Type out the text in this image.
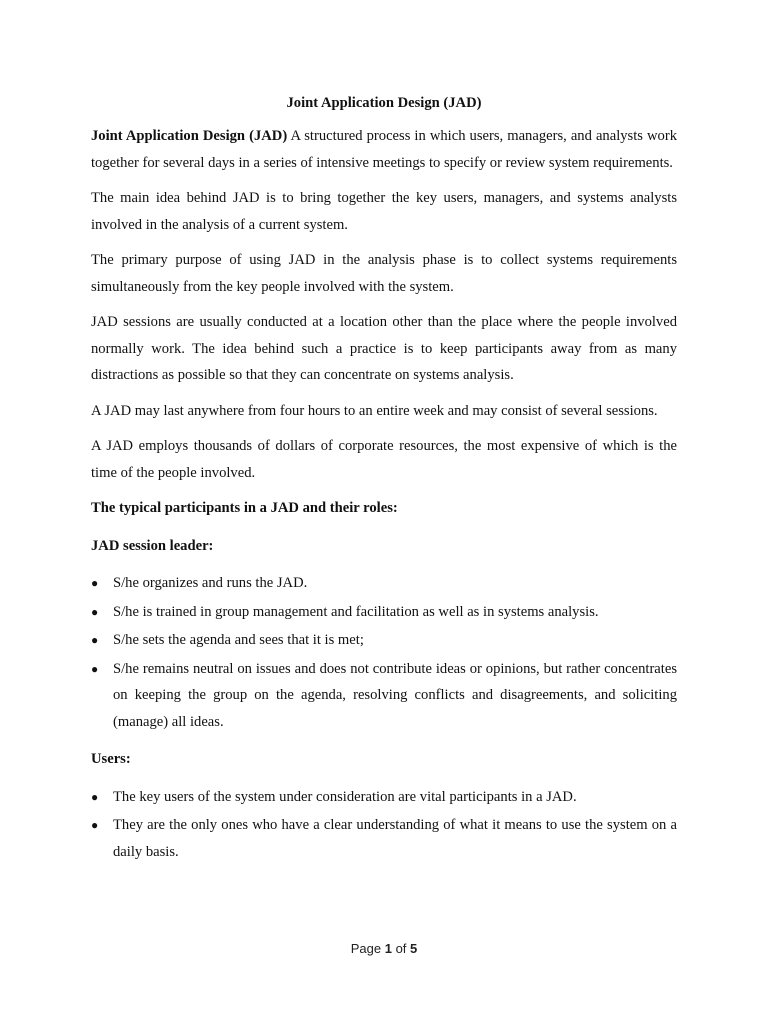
Joint Application Design (JAD)

Joint Application Design (JAD) A structured process in which users, managers, and analysts work together for several days in a series of intensive meetings to specify or review system requirements.

The main idea behind JAD is to bring together the key users, managers, and systems analysts involved in the analysis of a current system.

The primary purpose of using JAD in the analysis phase is to collect systems requirements simultaneously from the key people involved with the system.

JAD sessions are usually conducted at a location other than the place where the people involved normally work. The idea behind such a practice is to keep participants away from as many distractions as possible so that they can concentrate on systems analysis.

A JAD may last anywhere from four hours to an entire week and may consist of several sessions.

A JAD employs thousands of dollars of corporate resources, the most expensive of which is the time of the people involved.

The typical participants in a JAD and their roles:
JAD session leader:
● S/he organizes and runs the JAD.
● S/he is trained in group management and facilitation as well as in systems analysis.
● S/he sets the agenda and sees that it is met;
● S/he remains neutral on issues and does not contribute ideas or opinions, but rather concentrates on keeping the group on the agenda, resolving conflicts and disagreements, and soliciting (manage) all ideas.
Users:
● The key users of the system under consideration are vital participants in a JAD.
● They are the only ones who have a clear understanding of what it means to use the system on a daily basis.
Page 1 of 5
